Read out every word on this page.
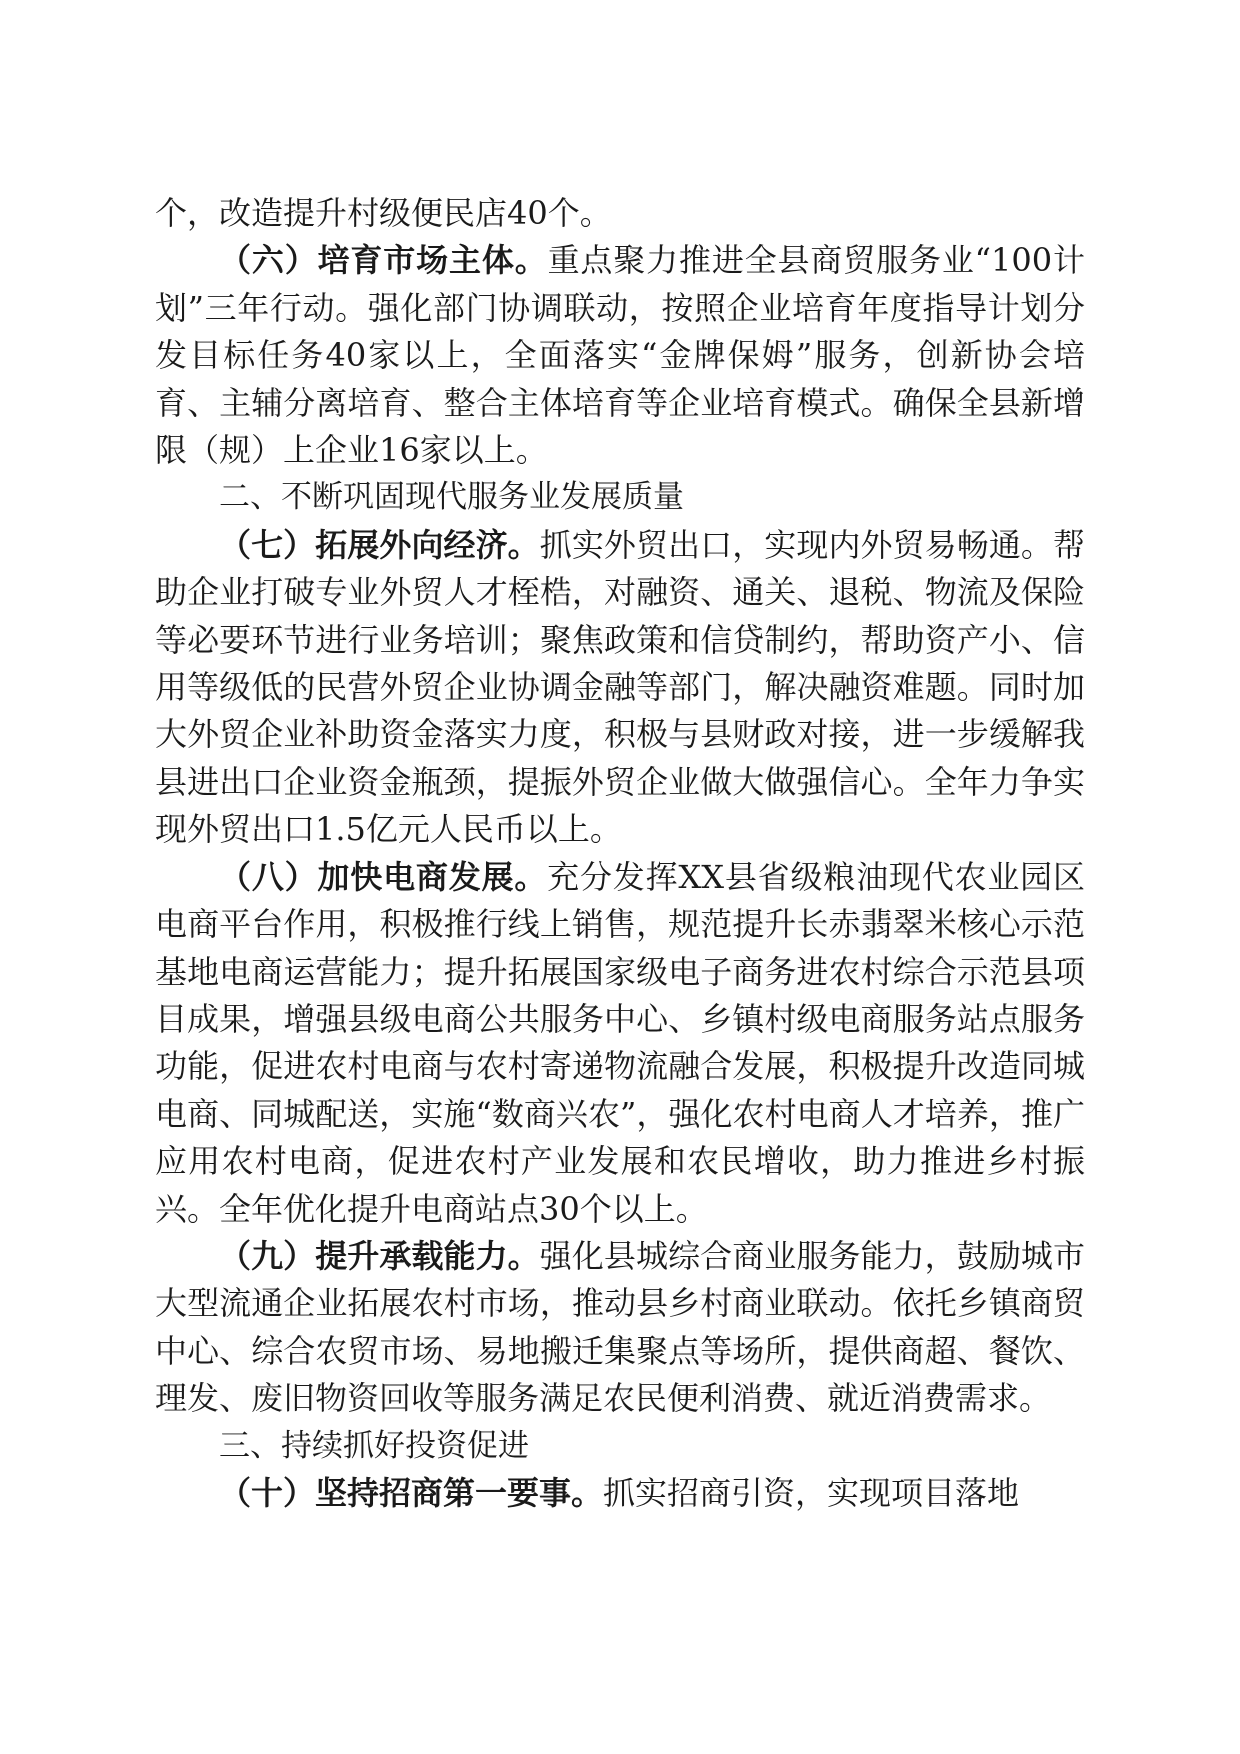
个，改造提升村级便民店40个。

（六）培育市场主体。重点聚力推进全县商贸服务业“100计划”三年行动。强化部门协调联动，按照企业培育年度指导计划分发目标任务40家以上，全面落实“金牌保姆”服务，创新协会培育、主辅分离培育、整合主体培育等企业培育模式。确保全县新增限（规）上企业16家以上。

二、不断巩固现代服务业发展质量

（七）拓展外向经济。抓实外贸出口，实现内外贸易畅通。帮助企业打破专业外贸人才桎梏，对融资、通关、退税、物流及保险等必要环节进行业务培训；聚焦政策和信贷制约，帮助资产小、信用等级低的民营外贸企业协调金融等部门，解决融资难题。同时加大外贸企业补助资金落实力度，积极与县财政对接，进一步缓解我县进出口企业资金瓶颈，提振外贸企业做大做强信心。全年力争实现外贸出口1.5亿元人民币以上。

（八）加快电商发展。充分发挥XX县省级粮油现代农业园区电商平台作用，积极推行线上销售，规范提升长赤翡翠米核心示范基地电商运营能力；提升拓展国家级电子商务进农村综合示范县项目成果，增强县级电商公共服务中心、乡镇村级电商服务站点服务功能，促进农村电商与农村寄递物流融合发展，积极提升改造同城电商、同城配送，实施“数商兴农”，强化农村电商人才培养，推广应用农村电商，促进农村产业发展和农民增收，助力推进乡村振兴。全年优化提升电商站点30个以上。

（九）提升承载能力。强化县城综合商业服务能力，鼓励城市大型流通企业拓展农村市场，推动县乡村商业联动。依托乡镇商贸中心、综合农贸市场、易地搬迁集聚点等场所，提供商超、餐饮、理发、废旧物资回收等服务满足农民便利消费、就近消费需求。

三、持续抓好投资促进

（十）坚持招商第一要事。抓实招商引资，实现项目落地
